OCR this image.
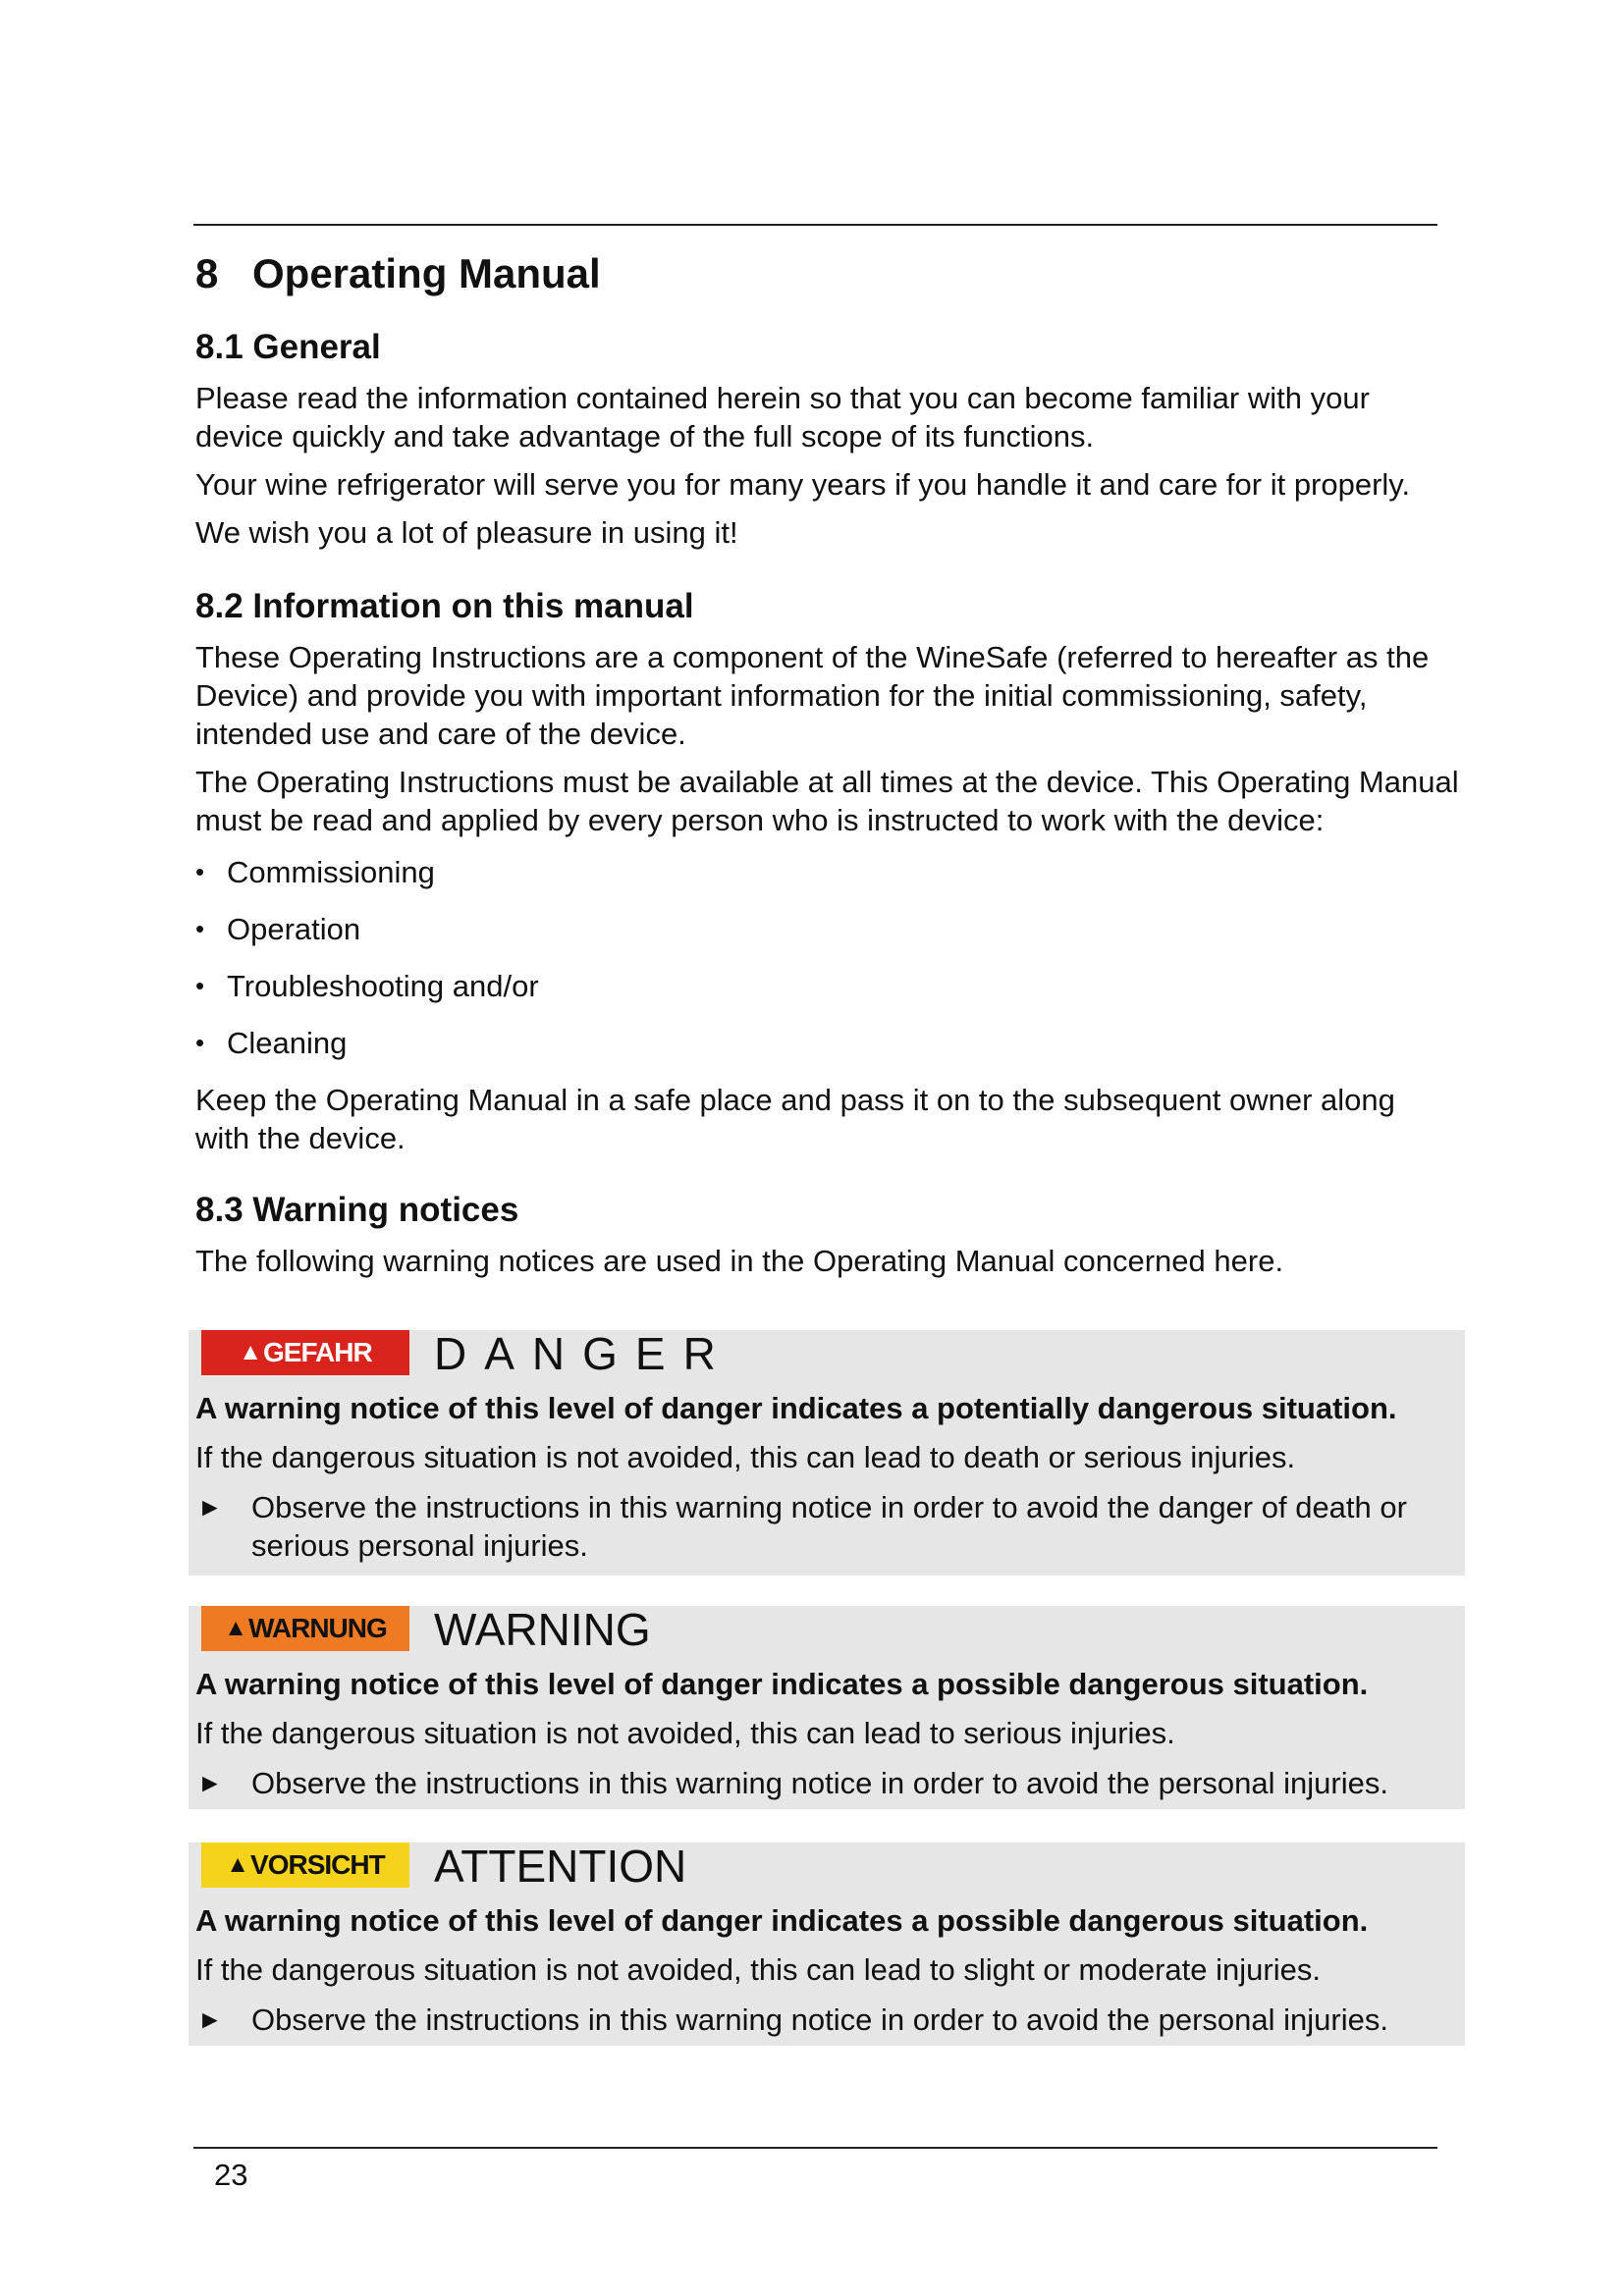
8 Operating Manual
8.1 General

Please read the information contained herein so that you can become familiar with your device quickly and take advantage of the full scope of its functions.

Your wine refrigerator will serve you for many years if you handle it and care for it properly.

We wish you a lot of pleasure in using it!

8.2 Information on this manual

These Operating Instructions are a component of the WineSafe (referred to hereafter as the Device) and provide you with important information for the initial commissioning, safety, intended use and care of the device.

The Operating Instructions must be available at all times at the device. This Operating Manual must be read and applied by every person who is instructed to work with the device:

• Commissioning
• Operation
• Troubleshooting and/or
• Cleaning

Keep the Operating Manual in a safe place and pass it on to the subsequent owner along with the device.

8.3 Warning notices

The following warning notices are used in the Operating Manual concerned here.

▲ GEFAHR DANGER
A warning notice of this level of danger indicates a potentially dangerous situation.
If the dangerous situation is not avoided, this can lead to death or serious injuries.
► Observe the instructions in this warning notice in order to avoid the danger of death or serious personal injuries.
▲ WARNUNG WARNING
A warning notice of this level of danger indicates a possible dangerous situation.
If the dangerous situation is not avoided, this can lead to serious injuries.
► Observe the instructions in this warning notice in order to avoid the personal injuries.
▲ VORSICHT ATTENTION
A warning notice of this level of danger indicates a possible dangerous situation.
If the dangerous situation is not avoided, this can lead to slight or moderate injuries.
► Observe the instructions in this warning notice in order to avoid the personal injuries.
23
